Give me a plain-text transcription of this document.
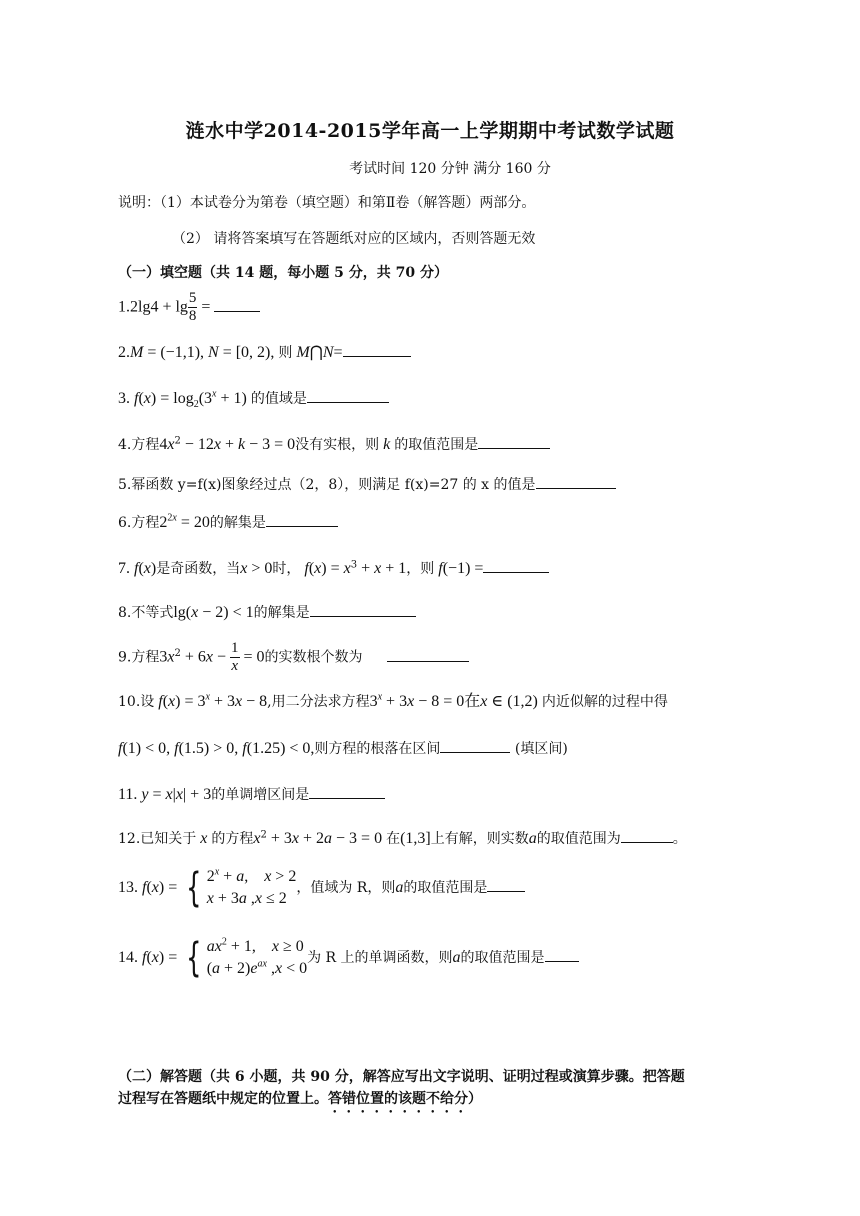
涟水中学2014-2015学年高一上学期期中考试数学试题
考试时间 120 分钟 满分 160 分
说明：（1）本试卷分为第卷（填空题）和第Ⅱ卷（解答题）两部分。
（2） 请将答案填写在答题纸对应的区域内，否则答题无效
（一）填空题（共 14 题，每小题 5 分，共 70 分）
$1.2\lg 4 + \lg \frac{5}{8}$ =
2.M = (−1,1), N = [0, 2), 则 M⋂N=
3. $f(x) = \log_2(3^x + 1)$ 的值域是
4.方程$4x^2 - 12x + k - 3 = 0$没有实根，则 k 的取值范围是
5.幂函数 y=f(x)图象经过点（2，8），则满足 f(x)=27 的 x 的值是
6.方程$2^{2x} = 20$的解集是
7. f(x)是奇函数，当x > 0时， $f(x) = x^3 + x + 1$，则 f(−1) =
8.不等式lg(x − 2) < 1的解集是
9.方程$3x^2 + 6x - \frac{1}{x} = 0$的实数根个数为
10.设 $f(x) = 3^x + 3x - 8$,用二分法求方程$3^x + 3x - 8 = 0$在x ∈ (1,2) 内近似解的过程中得
f(1) < 0, f(1.5) > 0, f(1.25) < 0,则方程的根落在区间	(填区间)
11. y = x|x| + 3的单调增区间是
12.已知关于 x 的方程$x^2 + 3x + 2a - 3 = 0$ 在(1,3]上有解，则实数a的取值范围为	。
13. f(x) = { $2^x + a$,    x > 2
x + 3a ,x ≤ 2
，值域为 R，则a的取值范围是
14. f(x) = { $ax^2 + 1$,    x ≥ 0
$(a + 2)e^{ax}$ ,x < 0
为 R 上的单调函数，则a的取值范围是
（二）解答题（共 6 小题，共 90 分，解答应写出文字说明、证明过程或演算步骤。把答题
过程写在答题纸中规定的位置上。答错位置的该题不给分）
